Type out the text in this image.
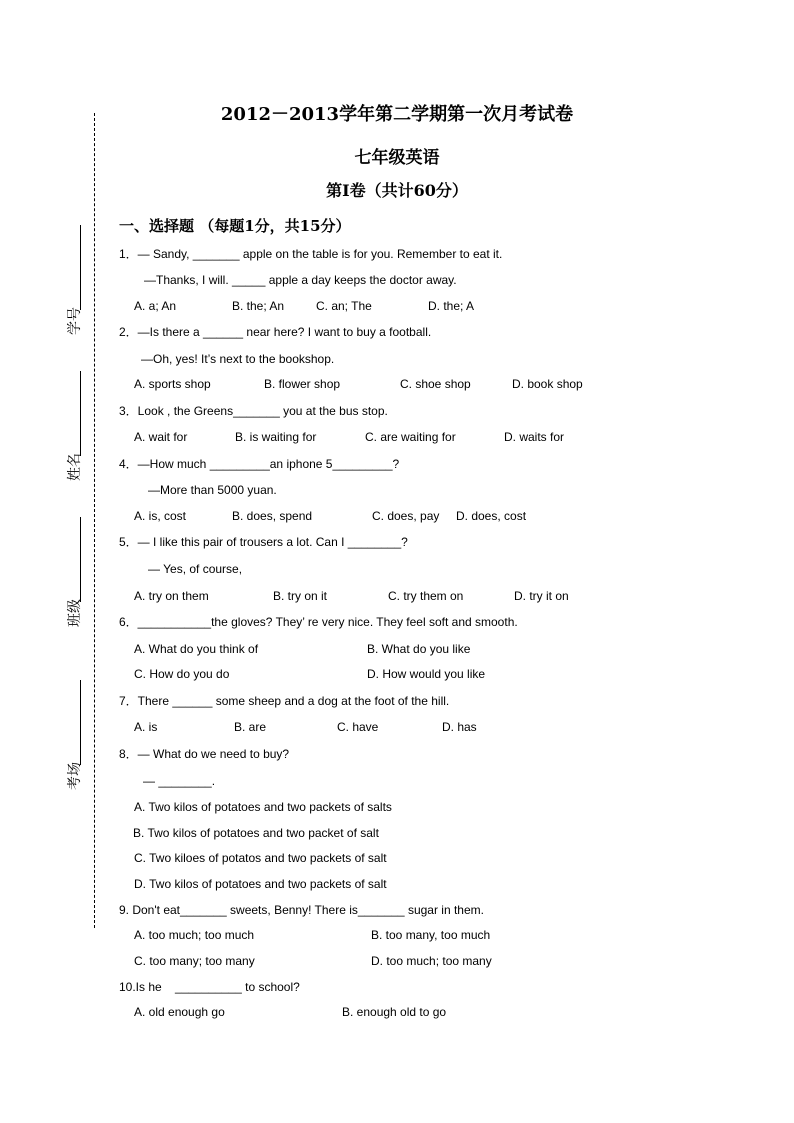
学号
姓名
班级
考场
2012－2013学年第二学期第一次月考试卷
七年级英语
第Ⅰ卷（共计60分）
一、选择题 （每题1分，共15分）
1．— Sandy, _______ apple on the table is for you. Remember to eat it.
—Thanks, I will. _____ apple a day keeps the doctor away.
A. a; An	B. the; An	C. an; The	D. the; A
2．—Is there a ______ near here? I want to buy a football.
—Oh, yes! It’s next to the bookshop.
A. sports shop	B. flower shop	C. shoe shop	D. book shop
3．Look , the Greens_______ you at the bus stop.
A. wait for	B. is waiting for	C. are waiting for	D. waits for
4．—How much _________an iphone 5_________?
—More than 5000 yuan.
A. is, cost	B. does, spend	C. does, pay D. does, cost
5．— I like this pair of trousers a lot. Can I ________?
— Yes, of course,
A. try on them	B. try on it	C. try them on	D. try it on
6．___________the gloves? They’ re very nice. They feel soft and smooth.
A. What do you think of	B. What do you like
C. How do you do	D. How would you like
7．There ______ some sheep and a dog at the foot of the hill.
A. is	B. are	C. have	D. has
8．— What do we need to buy?
— ________.
A. Two kilos of potatoes and two packets of salts
B. Two kilos of potatoes and two packet of salt
C. Two kiloes of potatos and two packets of salt
D. Two kilos of potatoes and two packets of salt
9. Don't eat_______ sweets, Benny! There is_______ sugar in them.
A. too much; too much	B. too many, too much
C. too many; too many	D. too much; too many
10.Is he    __________ to school?
A. old enough go	B. enough old to go
